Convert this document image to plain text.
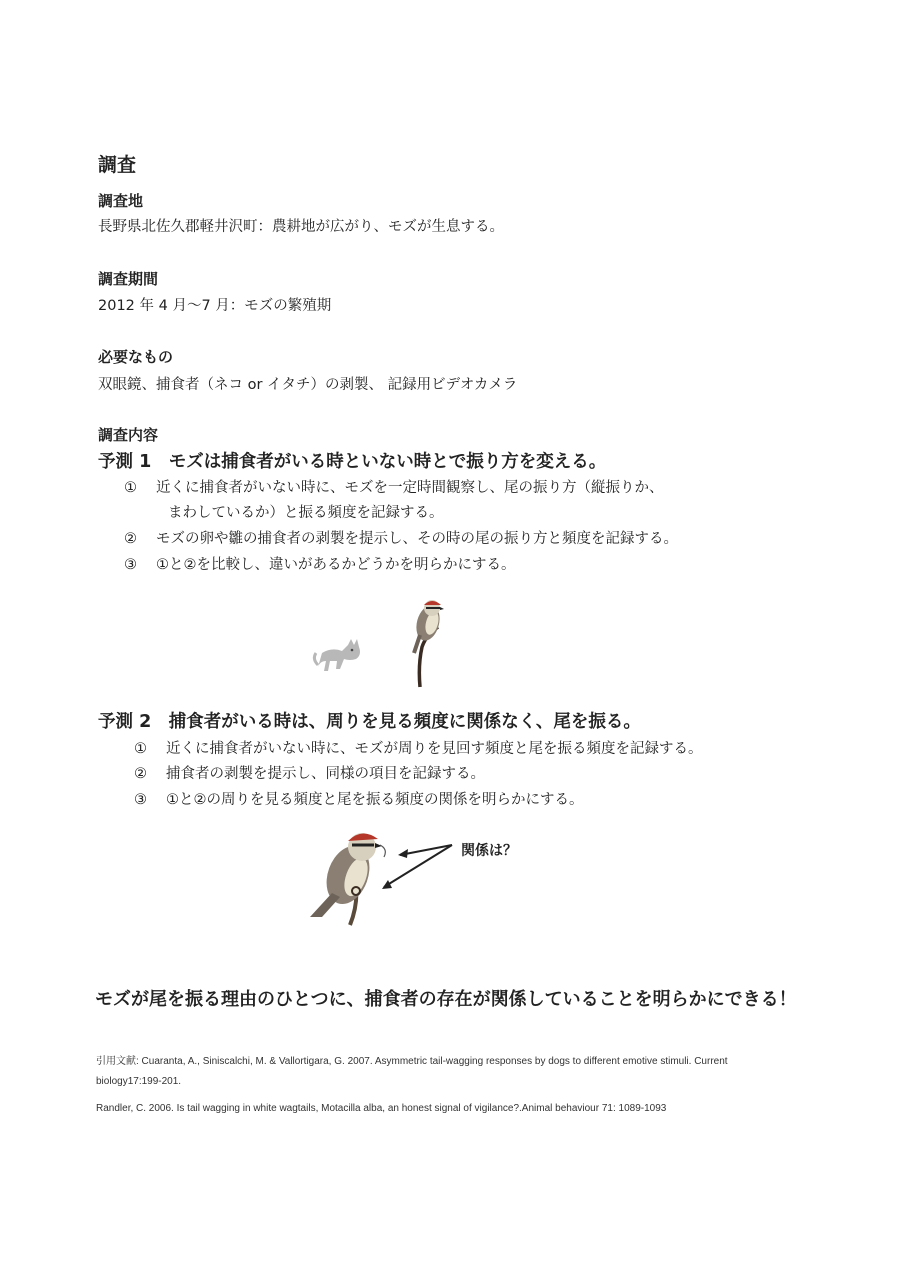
調査
調査地
長野県北佐久郡軽井沢町：農耕地が広がり、モズが生息する。
調査期間
2012 年 4 月～7 月：モズの繁殖期
必要なもの
双眼鏡、捕食者（ネコ or イタチ）の剥製、 記録用ビデオカメラ
調査内容
予測 1　モズは捕食者がいる時といない時とで振り方を変える。
① 近くに捕食者がいない時に、モズを一定時間観察し、尾の振り方（縦振りか、
まわしているか）と振る頻度を記録する。
② モズの卵や雛の捕食者の剥製を提示し、その時の尾の振り方と頻度を記録する。
③ ①と②を比較し、違いがあるかどうかを明らかにする。
予測 2　捕食者がいる時は、周りを見る頻度に関係なく、尾を振る。
① 近くに捕食者がいない時に、モズが周りを見回す頻度と尾を振る頻度を記録する。
② 捕食者の剥製を提示し、同様の項目を記録する。
③ ①と②の周りを見る頻度と尾を振る頻度の関係を明らかにする。
関係は？
モズが尾を振る理由のひとつに、捕食者の存在が関係していることを明らかにできる！
引用文献: Cuaranta, A., Siniscalchi, M. & Vallortigara, G. 2007. Asymmetric tail-wagging responses by dogs to different emotive stimuli. Current
biology17:199-201.
Randler, C. 2006. Is tail wagging in white wagtails, Motacilla alba, an honest signal of vigilance?.Animal behaviour 71: 1089-1093
